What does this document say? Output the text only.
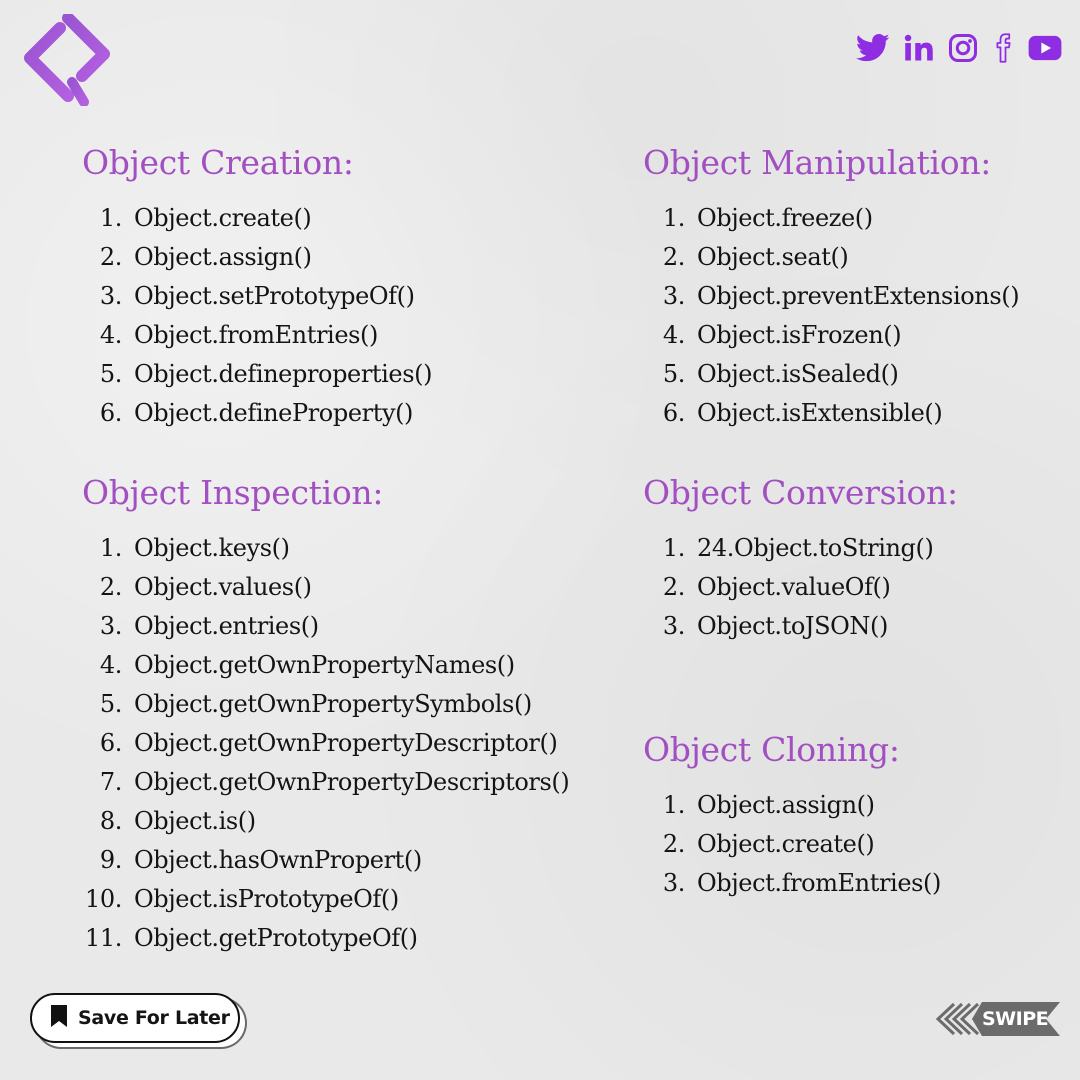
Object Creation:
1. Object.create()
2. Object.assign()
3. Object.setPrototypeOf()
4. Object.fromEntries()
5. Object.defineproperties()
6. Object.defineProperty()
Object Inspection:
1. Object.keys()
2. Object.values()
3. Object.entries()
4. Object.getOwnPropertyNames()
5. Object.getOwnPropertySymbols()
6. Object.getOwnPropertyDescriptor()
7. Object.getOwnPropertyDescriptors()
8. Object.is()
9. Object.hasOwnPropert()
10. Object.isPrototypeOf()
11. Object.getPrototypeOf()
Object Manipulation:
1. Object.freeze()
2. Object.seat()
3. Object.preventExtensions()
4. Object.isFrozen()
5. Object.isSealed()
6. Object.isExtensible()
Object Conversion:
1. 24.Object.toString()
2. Object.valueOf()
3. Object.toJSON()
Object Cloning:
1. Object.assign()
2. Object.create()
3. Object.fromEntries()
Save For Later	SWIPE
